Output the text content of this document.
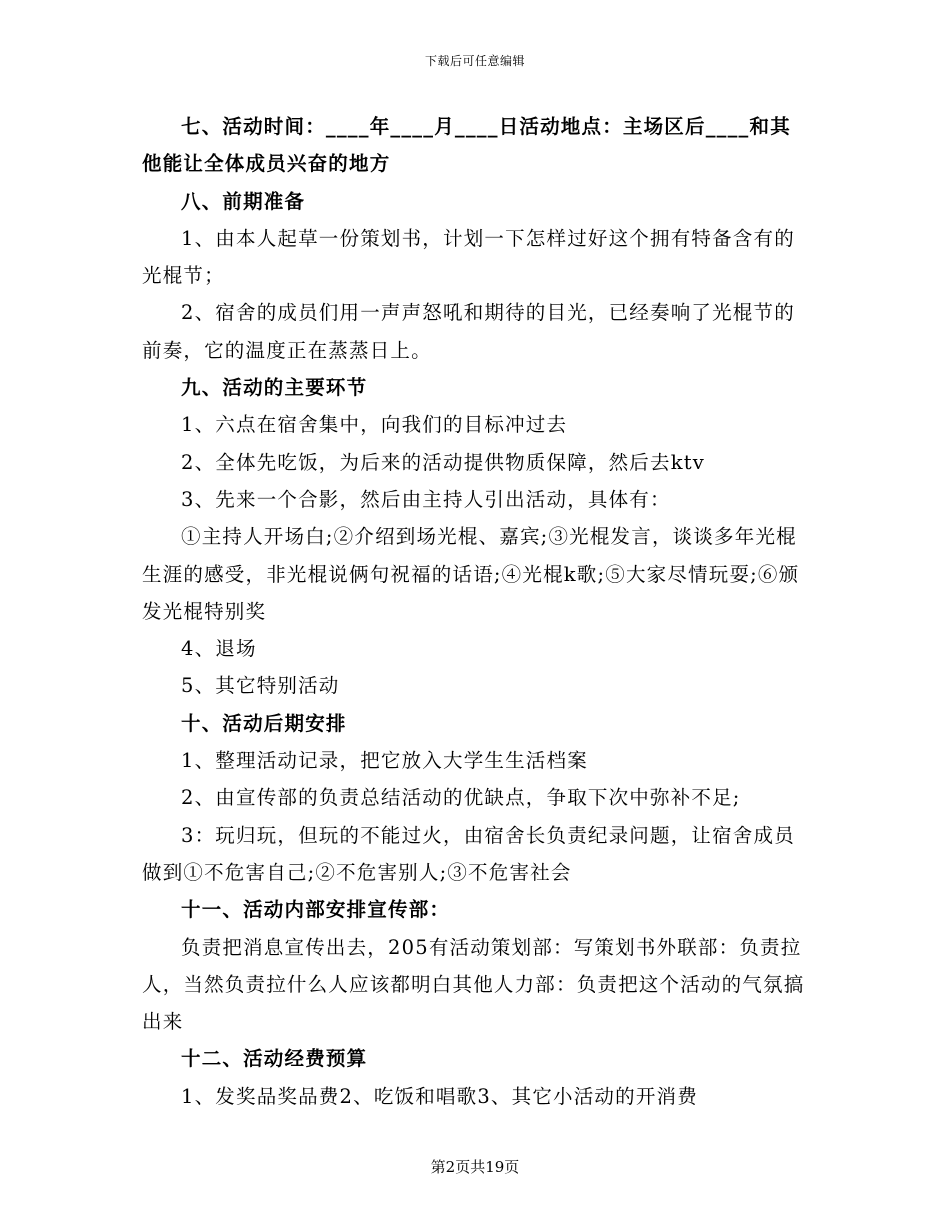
下载后可任意编辑

七、活动时间：____年____月____日活动地点：主场区后____和其他能让全体成员兴奋的地方

八、前期准备

1、由本人起草一份策划书，计划一下怎样过好这个拥有特备含有的光棍节；

2、宿舍的成员们用一声声怒吼和期待的目光，已经奏响了光棍节的前奏，它的温度正在蒸蒸日上。

九、活动的主要环节

1、六点在宿舍集中，向我们的目标冲过去

2、全体先吃饭，为后来的活动提供物质保障，然后去ktv

3、先来一个合影，然后由主持人引出活动，具体有：

①主持人开场白;②介绍到场光棍、嘉宾;③光棍发言，谈谈多年光棍生涯的感受，非光棍说俩句祝福的话语;④光棍k歌;⑤大家尽情玩耍;⑥颁发光棍特别奖

4、退场

5、其它特别活动

十、活动后期安排

1、整理活动记录，把它放入大学生生活档案

2、由宣传部的负责总结活动的优缺点，争取下次中弥补不足;

3：玩归玩，但玩的不能过火，由宿舍长负责纪录问题，让宿舍成员做到①不危害自己;②不危害别人;③不危害社会

十一、活动内部安排宣传部：

负责把消息宣传出去，205有活动策划部：写策划书外联部：负责拉人，当然负责拉什么人应该都明白其他人力部：负责把这个活动的气氛搞出来

十二、活动经费预算

1、发奖品奖品费2、吃饭和唱歌3、其它小活动的开消费

第2页共19页
